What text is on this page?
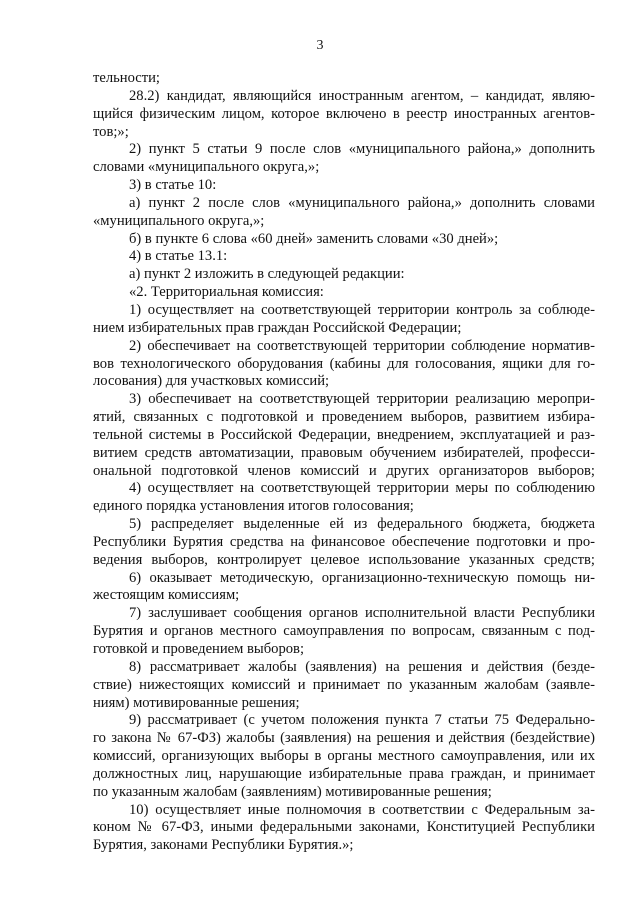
3
тельности;
28.2) кандидат, являющийся иностранным агентом, – кандидат, являю-
щийся физическим лицом, которое включено в реестр иностранных агентов-
тов;»;
2) пункт 5 статьи 9 после слов «муниципального района,» дополнить
словами «муниципального округа,»;
3) в статье 10:
а) пункт 2 после слов «муниципального района,» дополнить словами
«муниципального округа,»;
б) в пункте 6 слова «60 дней» заменить словами «30 дней»;
4) в статье 13.1:
а) пункт 2 изложить в следующей редакции:
«2. Территориальная комиссия:
1) осуществляет на соответствующей территории контроль за соблюде-
нием избирательных прав граждан Российской Федерации;
2) обеспечивает на соответствующей территории соблюдение норматив-
вов технологического оборудования (кабины для голосования, ящики для го-
лосования) для участковых комиссий;
3) обеспечивает на соответствующей территории реализацию меропри-
ятий, связанных с подготовкой и проведением выборов, развитием избира-
тельной системы в Российской Федерации, внедрением, эксплуатацией и раз-
витием средств автоматизации, правовым обучением избирателей, професси-
ональной подготовкой членов комиссий и других организаторов выборов;
4) осуществляет на соответствующей территории меры по соблюдению
единого порядка установления итогов голосования;
5) распределяет выделенные ей из федерального бюджета, бюджета
Республики Бурятия средства на финансовое обеспечение подготовки и про-
ведения выборов, контролирует целевое использование указанных средств;
6) оказывает методическую, организационно-техническую помощь ни-
жестоящим комиссиям;
7) заслушивает сообщения органов исполнительной власти Республики
Бурятия и органов местного самоуправления по вопросам, связанным с под-
готовкой и проведением выборов;
8) рассматривает жалобы (заявления) на решения и действия (безде-
ствие) нижестоящих комиссий и принимает по указанным жалобам (заявле-
ниям) мотивированные решения;
9) рассматривает (с учетом положения пункта 7 статьи 75 Федерально-
го закона № 67-ФЗ) жалобы (заявления) на решения и действия (бездействие)
комиссий, организующих выборы в органы местного самоуправления, или их
должностных лиц, нарушающие избирательные права граждан, и принимает
по указанным жалобам (заявлениям) мотивированные решения;
10) осуществляет иные полномочия в соответствии с Федеральным за-
коном № 67-ФЗ, иными федеральными законами, Конституцией Республики
Бурятия, законами Республики Бурятия.»;
